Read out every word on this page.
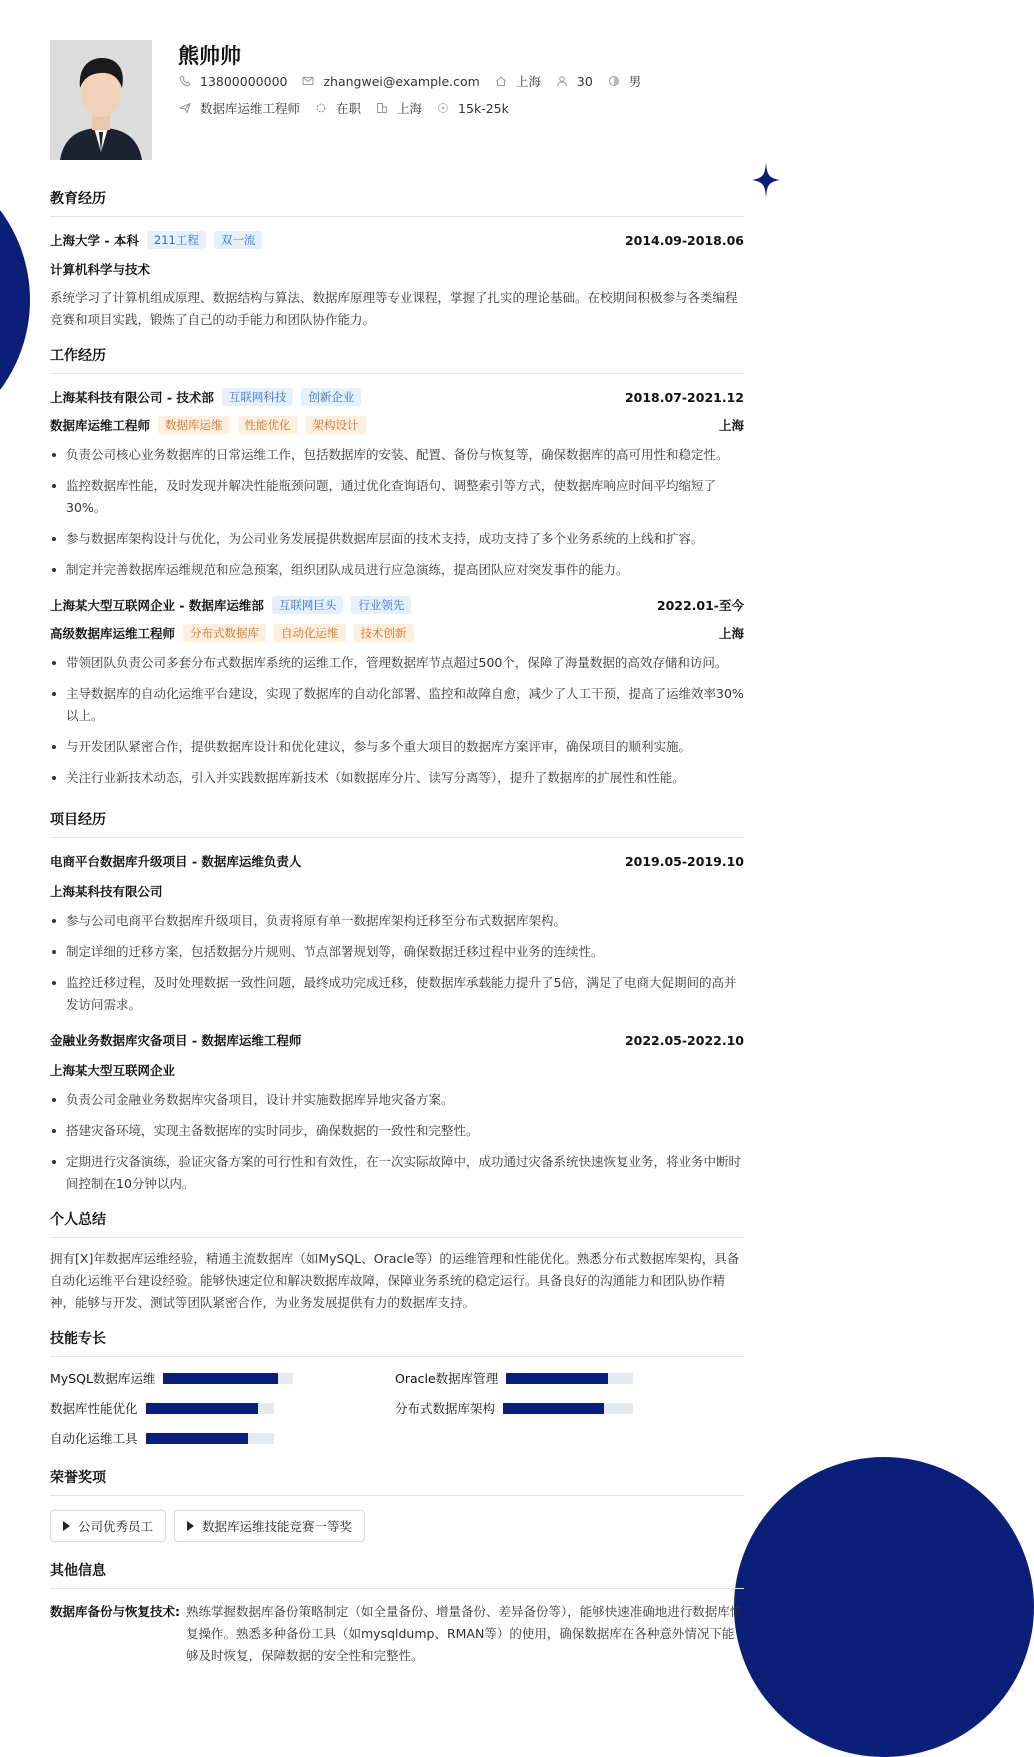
熊帅帅
13800000000	zhangwei@example.com	上海	30	男
数据库运维工程师	在职	上海	15k-25k
教育经历
上海大学 - 本科	211工程	双一流	2014.09-2018.06
计算机科学与技术
系统学习了计算机组成原理、数据结构与算法、数据库原理等专业课程，掌握了扎实的理论基础。在校期间积极参与各类编程竞赛和项目实践，锻炼了自己的动手能力和团队协作能力。
工作经历
上海某科技有限公司 - 技术部	互联网科技	创新企业	2018.07-2021.12
数据库运维工程师	数据库运维	性能优化	架构设计	上海
负责公司核心业务数据库的日常运维工作，包括数据库的安装、配置、备份与恢复等，确保数据库的高可用性和稳定性。
监控数据库性能，及时发现并解决性能瓶颈问题，通过优化查询语句、调整索引等方式，使数据库响应时间平均缩短了30%。
参与数据库架构设计与优化，为公司业务发展提供数据库层面的技术支持，成功支持了多个业务系统的上线和扩容。
制定并完善数据库运维规范和应急预案，组织团队成员进行应急演练，提高团队应对突发事件的能力。
上海某大型互联网企业 - 数据库运维部	互联网巨头	行业领先	2022.01-至今
高级数据库运维工程师	分布式数据库	自动化运维	技术创新	上海
带领团队负责公司多套分布式数据库系统的运维工作，管理数据库节点超过500个，保障了海量数据的高效存储和访问。
主导数据库的自动化运维平台建设，实现了数据库的自动化部署、监控和故障自愈，减少了人工干预，提高了运维效率30%以上。
与开发团队紧密合作，提供数据库设计和优化建议，参与多个重大项目的数据库方案评审，确保项目的顺利实施。
关注行业新技术动态，引入并实践数据库新技术（如数据库分片、读写分离等），提升了数据库的扩展性和性能。
项目经历
电商平台数据库升级项目 - 数据库运维负责人	2019.05-2019.10
上海某科技有限公司
参与公司电商平台数据库升级项目，负责将原有单一数据库架构迁移至分布式数据库架构。
制定详细的迁移方案，包括数据分片规则、节点部署规划等，确保数据迁移过程中业务的连续性。
监控迁移过程，及时处理数据一致性问题，最终成功完成迁移，使数据库承载能力提升了5倍，满足了电商大促期间的高并发访问需求。
金融业务数据库灾备项目 - 数据库运维工程师	2022.05-2022.10
上海某大型互联网企业
负责公司金融业务数据库灾备项目，设计并实施数据库异地灾备方案。
搭建灾备环境，实现主备数据库的实时同步，确保数据的一致性和完整性。
定期进行灾备演练，验证灾备方案的可行性和有效性，在一次实际故障中，成功通过灾备系统快速恢复业务，将业务中断时间控制在10分钟以内。
个人总结
拥有[X]年数据库运维经验，精通主流数据库（如MySQL、Oracle等）的运维管理和性能优化。熟悉分布式数据库架构，具备自动化运维平台建设经验。能够快速定位和解决数据库故障，保障业务系统的稳定运行。具备良好的沟通能力和团队协作精神，能够与开发、测试等团队紧密合作，为业务发展提供有力的数据库支持。
技能专长
MySQL数据库运维	Oracle数据库管理
数据库性能优化	分布式数据库架构
自动化运维工具
荣誉奖项
公司优秀员工	数据库运维技能竞赛一等奖
其他信息
数据库备份与恢复技术: 熟练掌握数据库备份策略制定（如全量备份、增量备份、差异备份等），能够快速准确地进行数据库恢复操作。熟悉多种备份工具（如mysqldump、RMAN等）的使用，确保数据库在各种意外情况下能够及时恢复，保障数据的安全性和完整性。
